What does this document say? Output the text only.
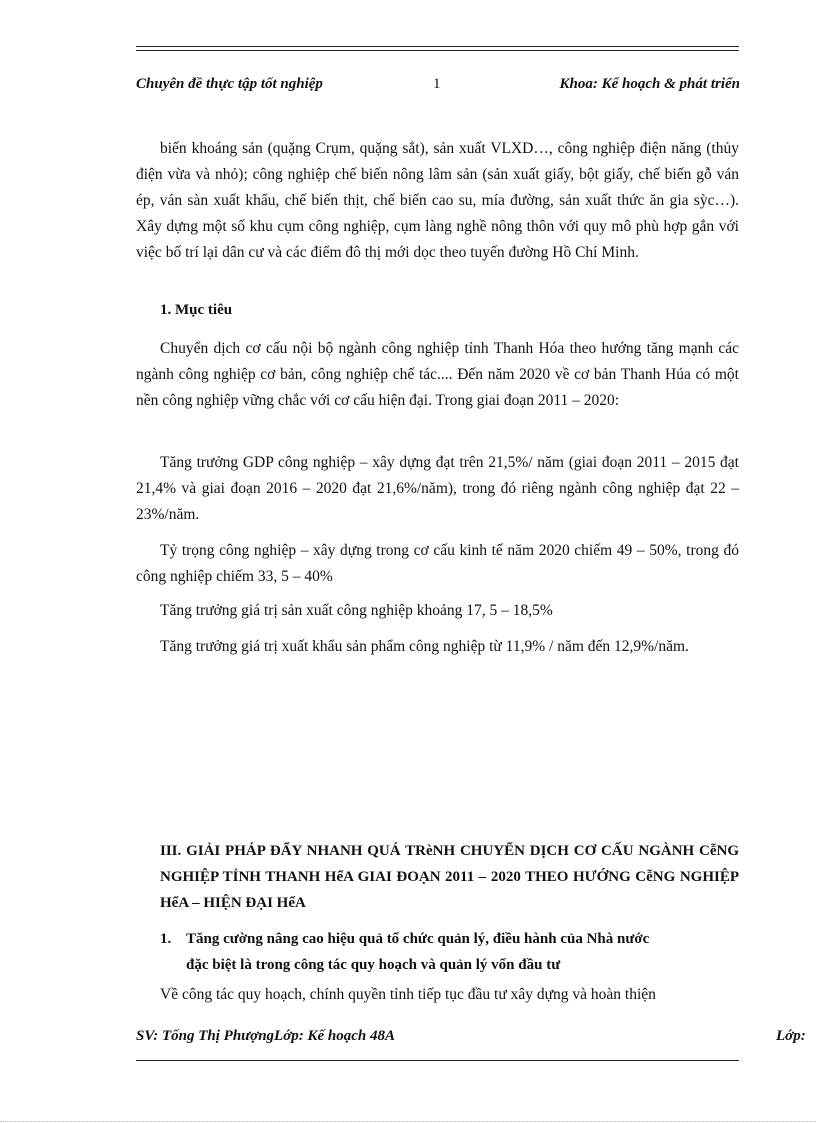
Chuyên đề thực tập tốt nghiệp	1	Khoa: Kế hoạch & phát triển

biến khoáng sản (quặng Crụm, quặng sắt), sản xuất VLXD…, công nghiệp điện năng (thủy điện vừa và nhỏ); công nghiệp chế biến nông lâm sản (sản xuất giấy, bột giấy, chế biến gỗ ván ép, ván sàn xuất khẩu, chế biến thịt, chế biến cao su, mía đường, sản xuất thức ăn gia sỳc…). Xây dựng một số khu cụm công nghiệp, cụm làng nghề nông thôn với quy mô phù hợp gắn với việc bố trí lại dân cư và các điểm đô thị mới dọc theo tuyến đường Hồ Chí Minh.

1. Mục tiêu

Chuyển dịch cơ cấu nội bộ ngành công nghiệp tỉnh Thanh Hóa theo hướng tăng mạnh các ngành công nghiệp cơ bản, công nghiệp chế tác.... Đến năm 2020 về cơ bản Thanh Húa có một nền công nghiệp vững chắc với cơ cấu hiện đại. Trong giai đoạn 2011 – 2020:

Tăng trưởng GDP công nghiệp – xây dựng đạt trên 21,5%/ năm (giai đoạn 2011 – 2015 đạt 21,4% và giai đoạn 2016 – 2020 đạt 21,6%/năm), trong đó riêng ngành công nghiệp đạt 22 – 23%/năm.

Tỷ trọng công nghiệp – xây dựng trong cơ cấu kinh tế năm 2020 chiếm 49 – 50%, trong đó công nghiệp chiếm 33, 5 – 40%

Tăng trưởng giá trị sản xuất công nghiệp khoảng 17, 5 – 18,5%

Tăng trưởng giá trị xuất khẩu sản phẩm công nghiệp từ 11,9% / năm đến 12,9%/năm.

III. GIẢI PHÁP ĐẨY NHANH QUÁ TRèNH CHUYỂN DỊCH CƠ CẤU NGÀNH CễNG NGHIỆP TỈNH THANH HểA GIAI ĐOẠN 2011 – 2020 THEO HƯỚNG CễNG NGHIỆP HểA – HIỆN ĐẠI HểA
1. Tăng cường nâng cao hiệu quả tổ chức quản lý, điều hành của Nhà nước
đặc biệt là trong công tác quy hoạch và quản lý vốn đầu tư
Về công tác quy hoạch, chính quyền tỉnh tiếp tục đầu tư xây dựng và hoàn thiện
SV: Tống Thị PhượngLớp: Kế hoạch 48A	Lớp:
